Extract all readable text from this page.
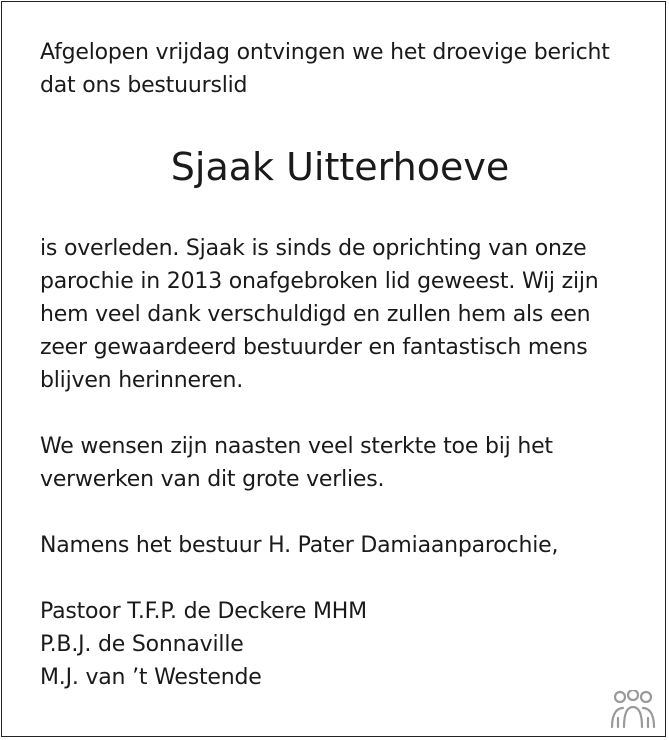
Afgelopen vrijdag ontvingen we het droevige bericht
dat ons bestuurslid

Sjaak Uitterhoeve

is overleden. Sjaak is sinds de oprichting van onze
parochie in 2013 onafgebroken lid geweest. Wij zijn
hem veel dank verschuldigd en zullen hem als een
zeer gewaardeerd bestuurder en fantastisch mens
blijven herinneren.

We wensen zijn naasten veel sterkte toe bij het
verwerken van dit grote verlies.

Namens het bestuur H. Pater Damiaanparochie,

Pastoor T.F.P. de Deckere MHM

P.B.J. de Sonnaville

M.J. van ’t Westende
